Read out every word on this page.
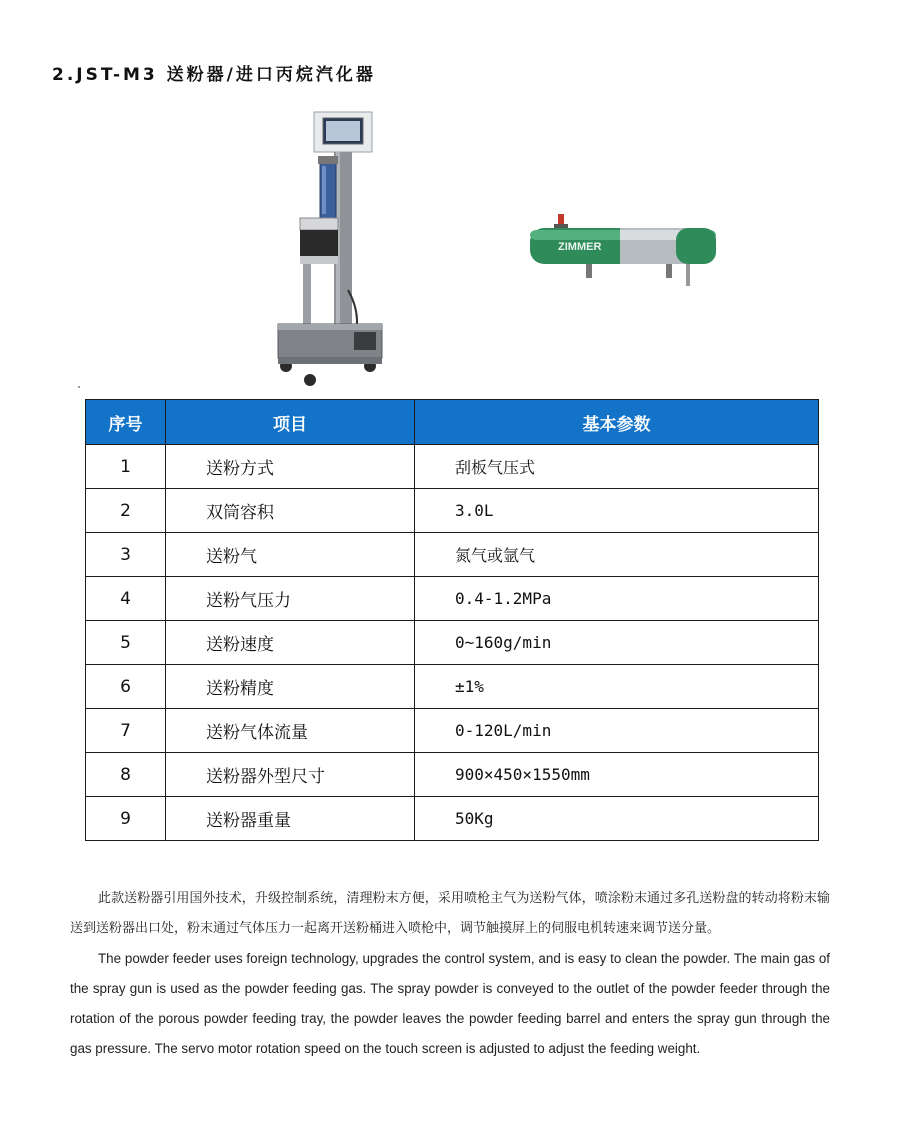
2.JST-M3 送粉器/进口丙烷汽化器
ZIMMER
序号	项目	基本参数
1	送粉方式	刮板气压式
2	双筒容积	3.0L
3	送粉气	氮气或氩气
4	送粉气压力	0.4-1.2MPa
5	送粉速度	0~160g/min
6	送粉精度	±1%
7	送粉气体流量	0-120L/min
8	送粉器外型尺寸	900×450×1550mm
9	送粉器重量	50Kg

此款送粉器引用国外技术，升级控制系统，清理粉末方便，采用喷枪主气为送粉气体，喷涂粉末通过多孔送粉盘的转动将粉末输送到送粉器出口处，粉末通过气体压力一起离开送粉桶进入喷枪中，调节触摸屏上的伺服电机转速来调节送分量。

The powder feeder uses foreign technology, upgrades the control system, and is easy to clean the powder. The main gas of the spray gun is used as the powder feeding gas. The spray powder is conveyed to the outlet of the powder feeder through the rotation of the porous powder feeding tray, the powder leaves the powder feeding barrel and enters the spray gun through the gas pressure. The servo motor rotation speed on the touch screen is adjusted to adjust the feeding weight.
